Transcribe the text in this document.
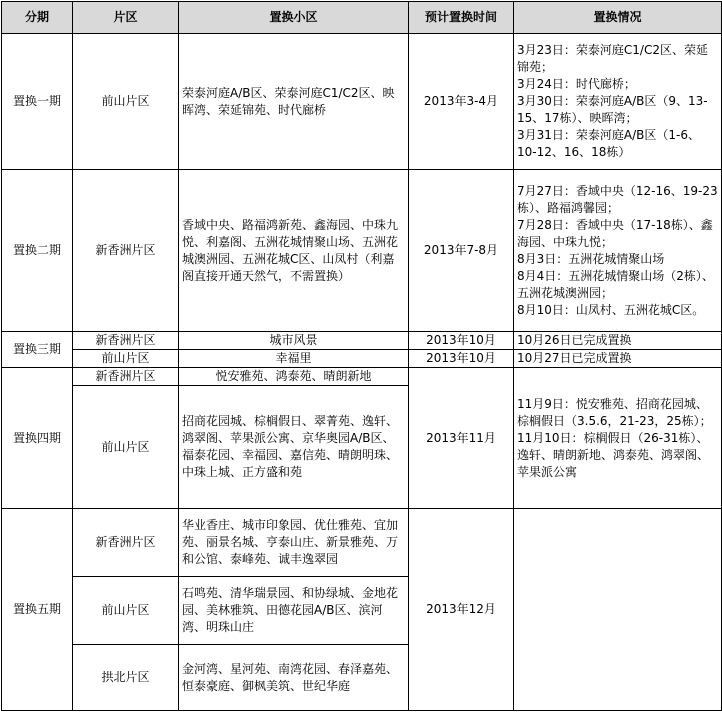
分期	片区	置换小区	预计置换时间	置换情况
置换一期	前山片区	荣泰河庭A/B区、荣泰河庭C1/C2区、映晖湾、荣延锦苑、时代廊桥	2013年3-4月	3月23日：荣泰河庭C1/C2区、荣延锦苑；
3月24日：时代廊桥；
3月30日：荣泰河庭A/B区（9、13-15、17栋）、映晖湾；
3月31日：荣泰河庭A/B区（1-6、10-12、16、18栋）
置换二期	新香洲片区	香域中央、路福鸿新苑、鑫海园、中珠九悦、利嘉阁、五洲花城情聚山场、五洲花城澳洲园、五洲花城C区、山凤村（利嘉阁直接开通天然气，不需置换）	2013年7-8月	7月27日：香域中央（12-16、19-23栋）、路福鸿馨园；
7月28日：香域中央（17-18栋）、鑫海园、中珠九悦；
8月3日：五洲花城情聚山场
8月4日：五洲花城情聚山场（2栋）、五洲花城澳洲园；
8月10日：山凤村、五洲花城C区。
置换三期	新香洲片区	城市风景	2013年10月	10月26日已完成置换
	前山片区	幸福里	2013年10月	10月27日已完成置换
置换四期	新香洲片区	悦安雅苑、鸿泰苑、晴朗新地	2013年11月	11月9日：悦安雅苑、招商花园城、棕榈假日（3.5.6，21-23，25栋）；
11月10日：棕榈假日（26-31栋）、逸轩、晴朗新地、鸿泰苑、鸿翠阁、苹果派公寓
	前山片区	招商花园城、棕榈假日、翠菁苑、逸轩、鸿翠阁、苹果派公寓、京华奥园A/B区、福泰花园、幸福园、嘉信苑、晴朗明珠、中珠上城、正方盛和苑		
置换五期	新香洲片区	华业香庄、城市印象园、优仕雅苑、宜加苑、丽景名城、亨泰山庄、新景雅苑、万和公馆、泰峰苑、诚丰逸翠园	2013年12月	
	前山片区	石鸣苑、清华瑞景园、和协绿城、金地花园、美林雅筑、田德花园A/B区、滨河湾、明珠山庄		
	拱北片区	金河湾、星河苑、南湾花园、春泽嘉苑、恒泰豪庭、御枫美筑、世纪华庭		
